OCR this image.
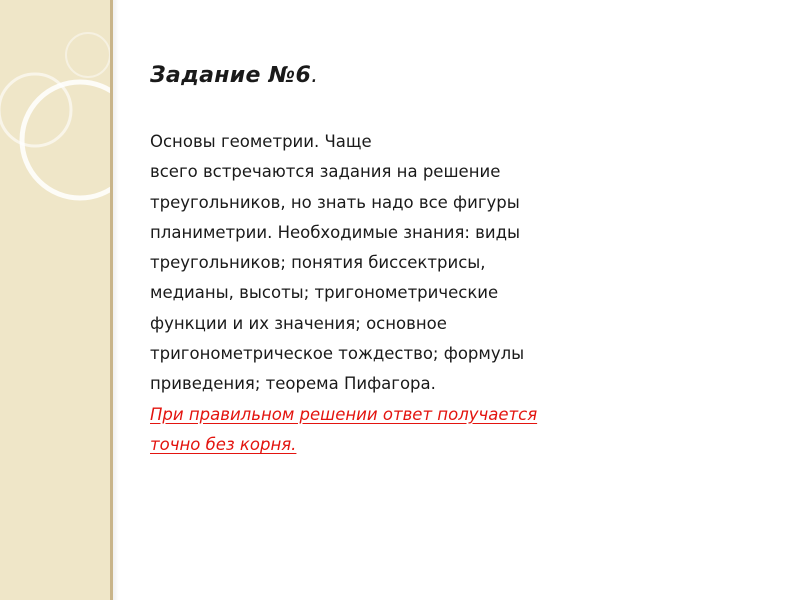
Задание №6.
Основы геометрии. Чаще
всего встречаются задания на решение
треугольников, но знать надо все фигуры
планиметрии. Необходимые знания: виды
треугольников; понятия биссектрисы,
медианы, высоты; тригонометрические
функции и их значения; основное
тригонометрическое тождество; формулы
приведения; теорема Пифагора.
При правильном решении ответ получается
точно без корня.
